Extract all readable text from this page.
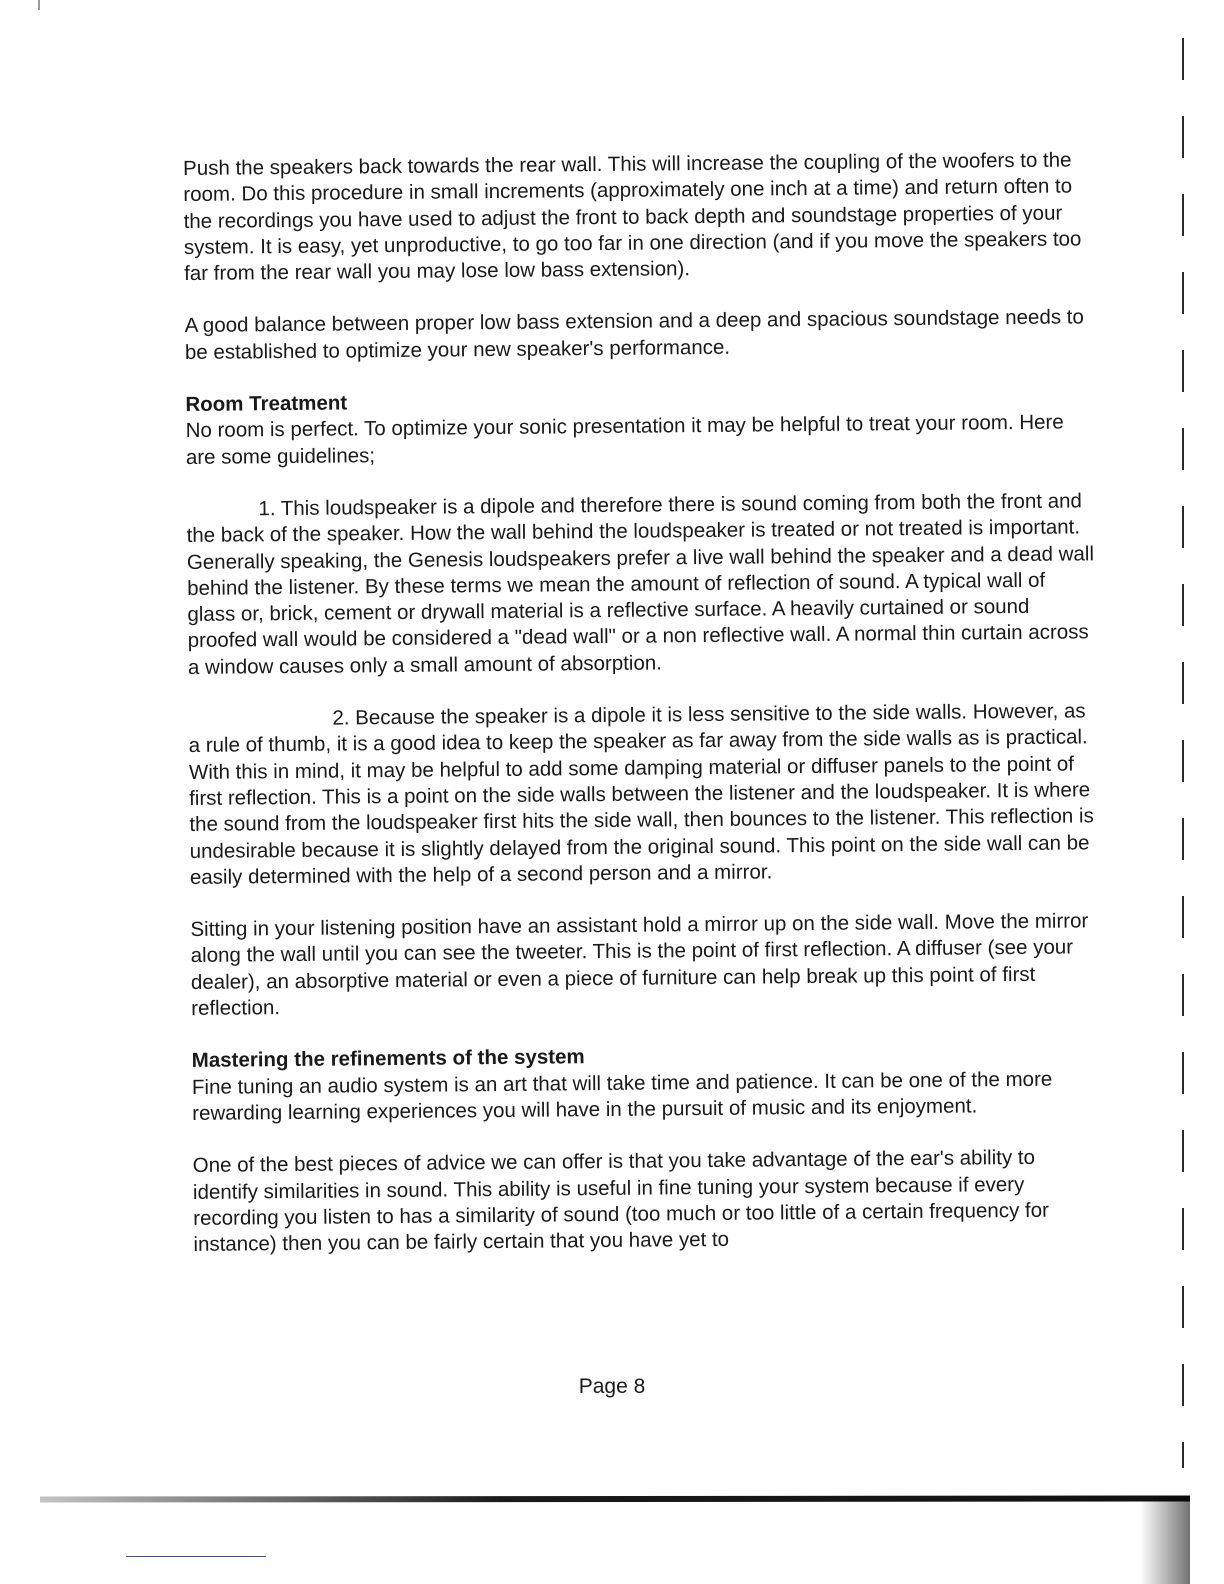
Push the speakers back towards the rear wall. This will increase the coupling of the woofers to the room. Do this procedure in small increments (approximately one inch at a time) and return often to the recordings you have used to adjust the front to back depth and soundstage properties of your system. It is easy, yet unproductive, to go too far in one direction (and if you move the speakers too far from the rear wall you may lose low bass extension).

A good balance between proper low bass extension and a deep and spacious soundstage needs to be established to optimize your new speaker's performance.

Room Treatment

No room is perfect. To optimize your sonic presentation it may be helpful to treat your room. Here are some guidelines;

1. This loudspeaker is a dipole and therefore there is sound coming from both the front and the back of the speaker. How the wall behind the loudspeaker is treated or not treated is important. Generally speaking, the Genesis loudspeakers prefer a live wall behind the speaker and a dead wall behind the listener. By these terms we mean the amount of reflection of sound. A typical wall of glass or, brick, cement or drywall material is a reflective surface. A heavily curtained or sound proofed wall would be considered a "dead wall" or a non reflective wall. A normal thin curtain across a window causes only a small amount of absorption.

2. Because the speaker is a dipole it is less sensitive to the side walls. However, as a rule of thumb, it is a good idea to keep the speaker as far away from the side walls as is practical. With this in mind, it may be helpful to add some damping material or diffuser panels to the point of first reflection. This is a point on the side walls between the listener and the loudspeaker. It is where the sound from the loudspeaker first hits the side wall, then bounces to the listener. This reflection is undesirable because it is slightly delayed from the original sound. This point on the side wall can be easily determined with the help of a second person and a mirror.

Sitting in your listening position have an assistant hold a mirror up on the side wall. Move the mirror along the wall until you can see the tweeter. This is the point of first reflection. A diffuser (see your dealer), an absorptive material or even a piece of furniture can help break up this point of first reflection.

Mastering the refinements of the system

Fine tuning an audio system is an art that will take time and patience. It can be one of the more rewarding learning experiences you will have in the pursuit of music and its enjoyment.

One of the best pieces of advice we can offer is that you take advantage of the ear's ability to identify similarities in sound. This ability is useful in fine tuning your system because if every recording you listen to has a similarity of sound (too much or too little of a certain frequency for instance) then you can be fairly certain that you have yet to

Page 8
